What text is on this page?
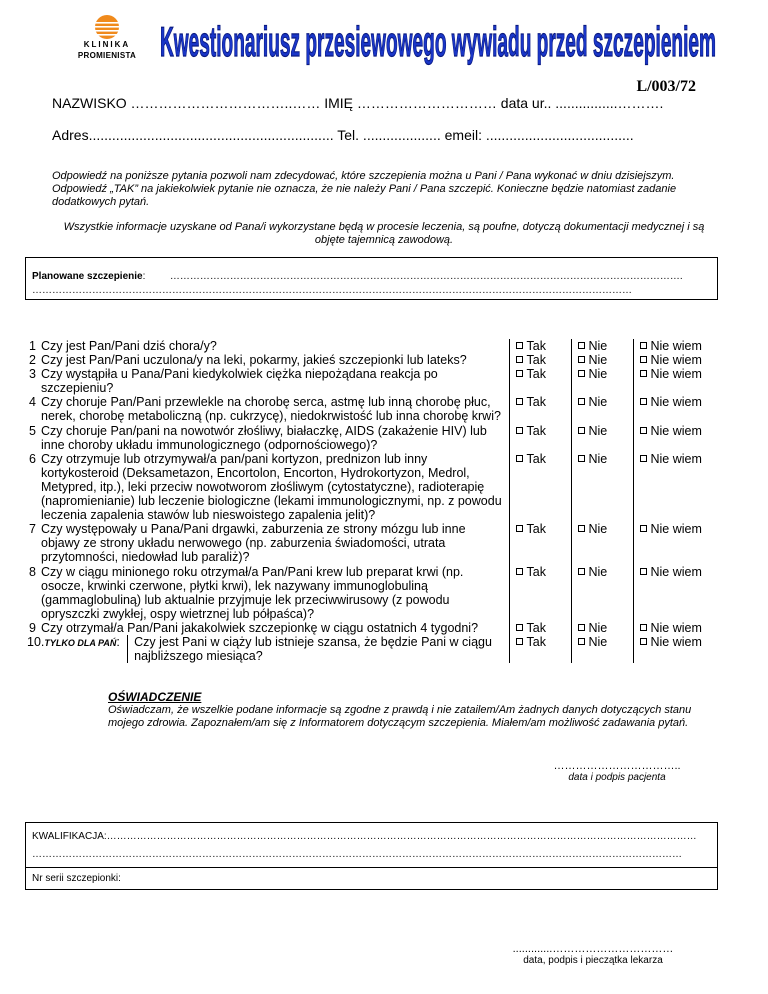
KLINIKA
PROMIENISTA Kwestionariusz przesiewowego wywiadu przed szczepieniem
L/003/72
NAZWISKO ……………………………..…… IMIĘ ………………………… data ur.. ................……….
Adres............................................................... Tel. .................... emeil: ......................................
Odpowiedź na poniższe pytania pozwoli nam zdecydować, które szczepienia można u Pani / Pana wykonać w dniu dzisiejszym. Odpowiedź „TAK” na jakiekolwiek pytanie nie oznacza, że nie należy Pani / Pana szczepić. Konieczne będzie natomiast zadanie dodatkowych pytań.
Wszystkie informacje uzyskane od Pana/i wykorzystane będą w procesie leczenia, są poufne, dotyczą dokumentacji medycznej i są objęte tajemnicą zawodową.
Planowane szczepienie: ……………………………………………………………………………………………………………………………………….
………………………………………………………………………………………………………………………………………………………………
1	Czy jest Pan/Pani dziś chora/y?	Tak	Nie	Nie wiem

2	Czy jest Pan/Pani uczulona/y na leki, pokarmy, jakieś szczepionki lub lateks?	Tak	Nie	Nie wiem

3	Czy wystąpiła u Pana/Pani kiedykolwiek ciężka niepożądana reakcja po szczepieniu?	Tak	Nie	Nie wiem

4	Czy choruje Pan/Pani przewlekle na chorobę serca, astmę lub inną chorobę płuc, nerek, chorobę metaboliczną (np. cukrzycę), niedokrwistość lub inna chorobę krwi?	Tak	Nie	Nie wiem

5	Czy choruje Pan/pani na nowotwór złośliwy, białaczkę, AIDS (zakażenie HIV) lub inne choroby układu immunologicznego (odpornościowego)?	Tak	Nie	Nie wiem

6	Czy otrzymuje lub otrzymywał/a pan/pani kortyzon, prednizon lub inny kortykosteroid (Deksametazon, Encortolon, Encorton, Hydrokortyzon, Medrol, Metypred, itp.), leki przeciw nowotworom złośliwym (cytostatyczne), radioterapię (napromienianie) lub leczenie biologiczne (lekami immunologicznymi, np. z powodu leczenia zapalenia stawów lub nieswoistego zapalenia jelit)?	Tak	Nie	Nie wiem

7	Czy występowały u Pana/Pani drgawki, zaburzenia ze strony mózgu lub inne objawy ze strony układu nerwowego (np. zaburzenia świadomości, utrata przytomności, niedowład lub paraliż)?	Tak	Nie	Nie wiem

8	Czy w ciągu minionego roku otrzymał/a Pan/Pani krew lub preparat krwi (np. osocze, krwinki czerwone, płytki krwi), lek nazywany immunoglobuliną (gammaglobuliną) lub aktualnie przyjmuje lek przeciwwirusowy (z powodu opryszczki zwykłej, ospy wietrznej lub półpaśca)?	Tak	Nie	Nie wiem

9	Czy otrzymał/a Pan/Pani jakakolwiek szczepionkę w ciągu ostatnich 4 tygodni?	Tak	Nie	Nie wiem

10.TYLKO DLA PAŃ: Czy jest Pani w ciąży lub istnieje szansa, że będzie Pani w ciągu najbliższego miesiąca?		Tak	Nie	Nie wiem
OŚWIADCZENIE
Oświadczam, że wszelkie podane informacje są zgodne z prawdą i nie zatailem/Am żadnych danych dotyczących stanu mojego zdrowia. Zapoznałem/am się z Informatorem dotyczącym szczepienia. Miałem/am możliwość zadawania pytań.
……………………………..
data i podpis pacjenta
KWALIFIKACJA:……………………………………………………………………………………………………………………………………………………………
……………………………………………………………………………………………………………………………………………………………………………
Nr serii szczepionki:
.............……………………………
data, podpis i pieczątka lekarza
